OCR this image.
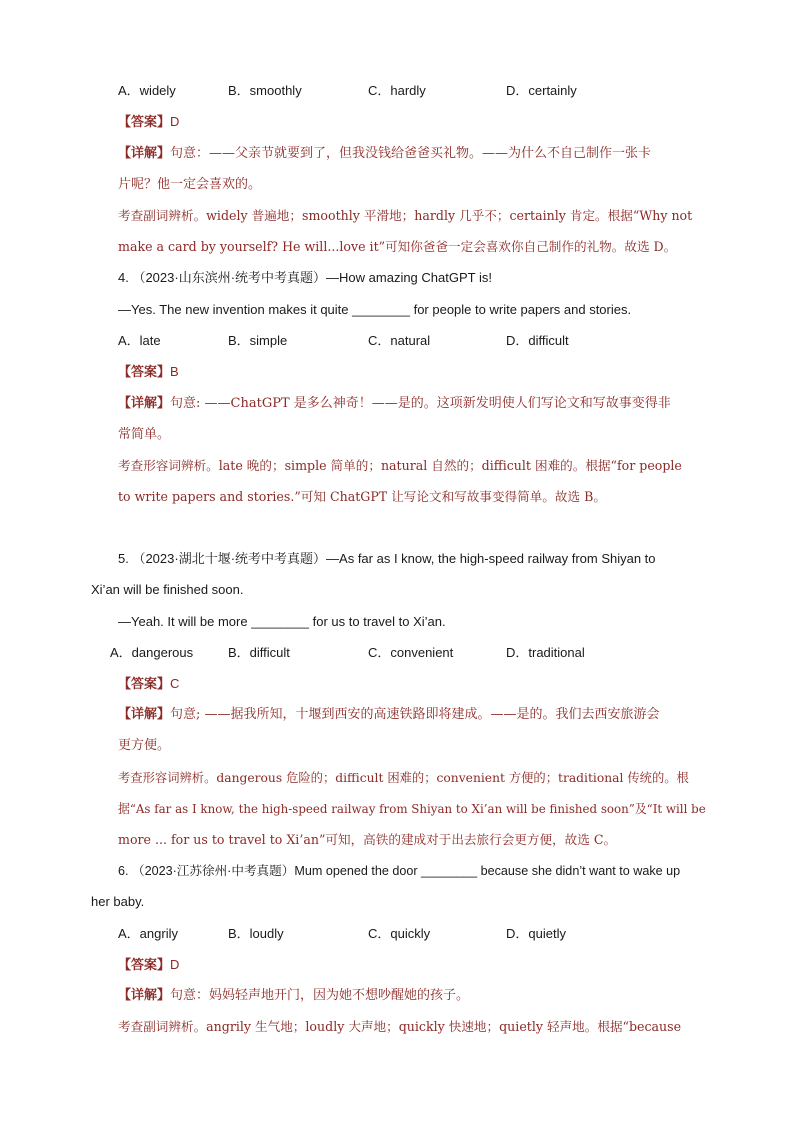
A．widely	B．smoothly	C．hardly	D．certainly
【答案】D
【详解】句意：——父亲节就要到了，但我没钱给爸爸买礼物。——为什么不自己制作一张卡
片呢？他一定会喜欢的。
考查副词辨析。widely 普遍地；smoothly 平滑地；hardly 几乎不；certainly 肯定。根据“Why not
make a card by yourself? He will...love it”可知你爸爸一定会喜欢你自己制作的礼物。故选 D。
4. （2023·山东滨州·统考中考真题）—How amazing ChatGPT is!
—Yes. The new invention makes it quite ________ for people to write papers and stories.
A．late	B．simple	C．natural	D．difficult
【答案】B
【详解】句意: ——ChatGPT 是多么神奇！——是的。这项新发明使人们写论文和写故事变得非
常简单。
考查形容词辨析。late 晚的；simple 简单的；natural 自然的；difficult 困难的。根据“for people
to write papers and stories.”可知 ChatGPT 让写论文和写故事变得简单。故选 B。
5. （2023·湖北十堰·统考中考真题）—As far as I know, the high-speed railway from Shiyan to
Xi’an will be finished soon.
—Yeah. It will be more ________ for us to travel to Xi’an.
A．dangerous	B．difficult	C．convenient	D．traditional
【答案】C
【详解】句意; ——据我所知，十堰到西安的高速铁路即将建成。——是的。我们去西安旅游会
更方便。
考查形容词辨析。dangerous 危险的；difficult 困难的；convenient 方便的；traditional 传统的。根
据“As far as I know, the high-speed railway from Shiyan to Xi’an will be finished soon”及“It will be
more ... for us to travel to Xi’an”可知，高铁的建成对于出去旅行会更方便，故选 C。
6. （2023·江苏徐州·中考真题）Mum opened the door ________ because she didn’t want to wake up
her baby.
A．angrily	B．loudly	C．quickly	D．quietly
【答案】D
【详解】句意：妈妈轻声地开门，因为她不想吵醒她的孩子。
考查副词辨析。angrily 生气地；loudly 大声地；quickly 快速地；quietly 轻声地。根据“because
